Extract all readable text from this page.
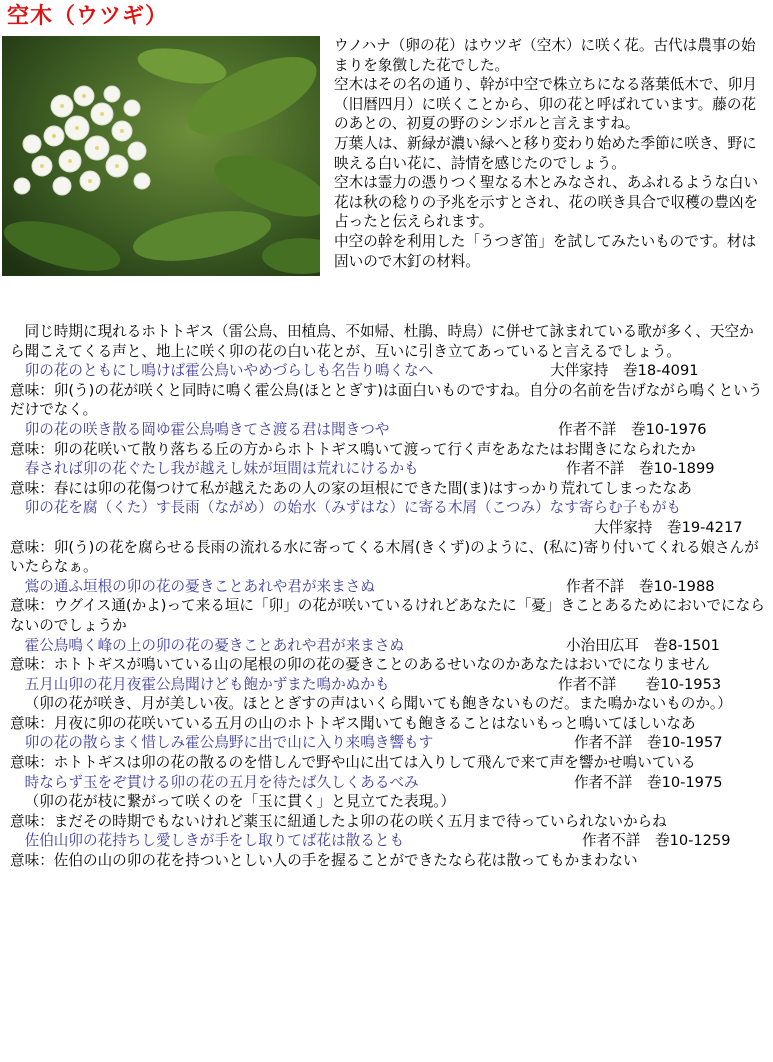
空木（ウツギ）

ウノハナ（卵の花）はウツギ（空木）に咲く花。古代は農事の始まりを象徴した花でした。

空木はその名の通り、幹が中空で株立ちになる落葉低木で、卯月（旧暦四月）に咲くことから、卯の花と呼ばれています。藤の花のあとの、初夏の野のシンボルと言えますね。

万葉人は、新緑が濃い緑へと移り変わり始めた季節に咲き、野に映える白い花に、詩情を感じたのでしょう。

空木は霊力の憑りつく聖なる木とみなされ、あふれるような白い花は秋の稔りの予兆を示すとされ、花の咲き具合で収穫の豊凶を占ったと伝えられます。

中空の幹を利用した「うつぎ笛」を試してみたいものです。材は固いので木釘の材料。

同じ時期に現れるホトトギス（雷公鳥、田植鳥、不如帰、杜鵑、時鳥）に併せて詠まれている歌が多く、天空から聞こえてくる声と、地上に咲く卯の花の白い花とが、互いに引き立てあっていると言えるでしょう。

卯の花のともにし鳴けば霍公鳥いやめづらしも名告り鳴くなへ	大伴家持　巻18-4091

意味：卯(う)の花が咲くと同時に鳴く霍公鳥(ほととぎす)は面白いものですね。自分の名前を告げながら鳴くというだけでなく。

卯の花の咲き散る岡ゆ霍公鳥鳴きてさ渡る君は聞きつや	作者不詳　巻10-1976

意味：卯の花咲いて散り落ちる丘の方からホトトギス鳴いて渡って行く声をあなたはお聞きになられたか

春されば卯の花ぐたし我が越えし妹が垣間は荒れにけるかも	作者不詳　巻10-1899

意味：春には卯の花傷つけて私が越えたあの人の家の垣根にできた間(ま)はすっかり荒れてしまったなあ

卯の花を腐（くた）す長雨（ながめ）の始水（みずはな）に寄る木屑（こつみ）なす寄らむ子もがも
大伴家持　巻19-4217

意味：卯(う)の花を腐らせる長雨の流れる水に寄ってくる木屑(きくず)のように、(私に)寄り付いてくれる娘さんがいたらなぁ。

鴬の通ふ垣根の卯の花の憂きことあれや君が来まさぬ	作者不詳　巻10-1988

意味：ウグイス通(かよ)って来る垣に「卯」の花が咲いているけれどあなたに「憂」きことあるためにおいでにならないのでしょうか

霍公鳥鳴く峰の上の卯の花の憂きことあれや君が来まさぬ	小治田広耳　巻8-1501

意味：ホトトギスが鳴いている山の尾根の卯の花の憂きことのあるせいなのかあなたはおいでになりません

五月山卯の花月夜霍公鳥聞けども飽かずまた鳴かぬかも	作者不詳　　巻10-1953

（卯の花が咲き、月が美しい夜。ほととぎすの声はいくら聞いても飽きないものだ。また鳴かないものか。）

意味：月夜に卯の花咲いている五月の山のホトトギス聞いても飽きることはないもっと鳴いてほしいなあ

卯の花の散らまく惜しみ霍公鳥野に出で山に入り来鳴き響もす	作者不詳　巻10-1957

意味：ホトトギスは卯の花の散るのを惜しんで野や山に出ては入りして飛んで来て声を響かせ鳴いている

時ならず玉をぞ貫ける卯の花の五月を待たば久しくあるべみ	作者不詳　巻10-1975

（卯の花が枝に繋がって咲くのを「玉に貫く」と見立てた表現。）

意味：まだその時期でもないけれど薬玉に紐通したよ卯の花の咲く五月まで待っていられないからね

佐伯山卯の花持ちし愛しきが手をし取りてば花は散るとも	作者不詳　巻10-1259

意味：佐伯の山の卯の花を持ついとしい人の手を握ることができたなら花は散ってもかまわない
